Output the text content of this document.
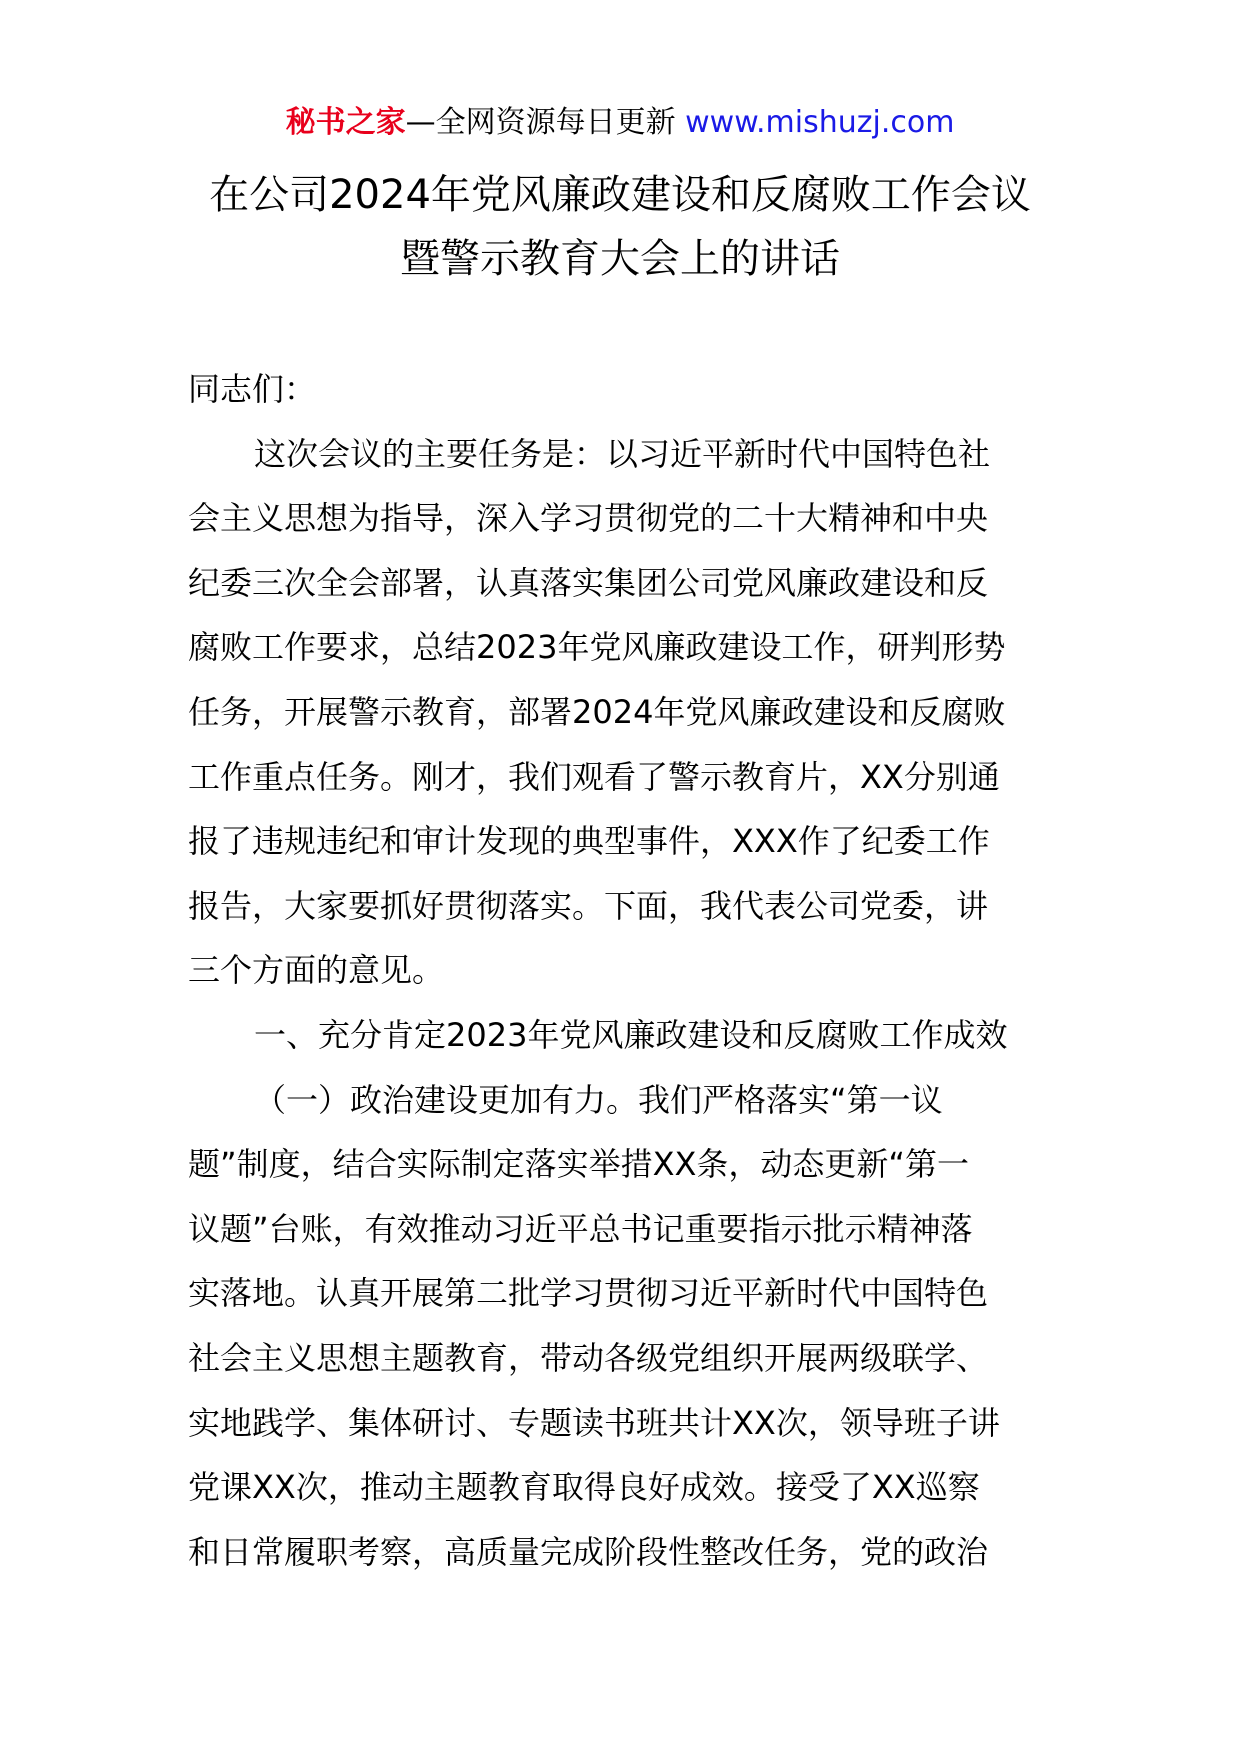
秘书之家—全网资源每日更新 www.mishuzj.com
在公司2024年党风廉政建设和反腐败工作会议
暨警示教育大会上的讲话
同志们：
这次会议的主要任务是：以习近平新时代中国特色社
会主义思想为指导，深入学习贯彻党的二十大精神和中央
纪委三次全会部署，认真落实集团公司党风廉政建设和反
腐败工作要求，总结2023年党风廉政建设工作，研判形势
任务，开展警示教育，部署2024年党风廉政建设和反腐败
工作重点任务。刚才，我们观看了警示教育片，XX分别通
报了违规违纪和审计发现的典型事件，XXX作了纪委工作
报告，大家要抓好贯彻落实。下面，我代表公司党委，讲
三个方面的意见。
一、充分肯定2023年党风廉政建设和反腐败工作成效
（一）政治建设更加有力。我们严格落实“第一议
题”制度，结合实际制定落实举措XX条，动态更新“第一
议题”台账，有效推动习近平总书记重要指示批示精神落
实落地。认真开展第二批学习贯彻习近平新时代中国特色
社会主义思想主题教育，带动各级党组织开展两级联学、
实地践学、集体研讨、专题读书班共计XX次，领导班子讲
党课XX次，推动主题教育取得良好成效。接受了XX巡察
和日常履职考察，高质量完成阶段性整改任务，党的政治
